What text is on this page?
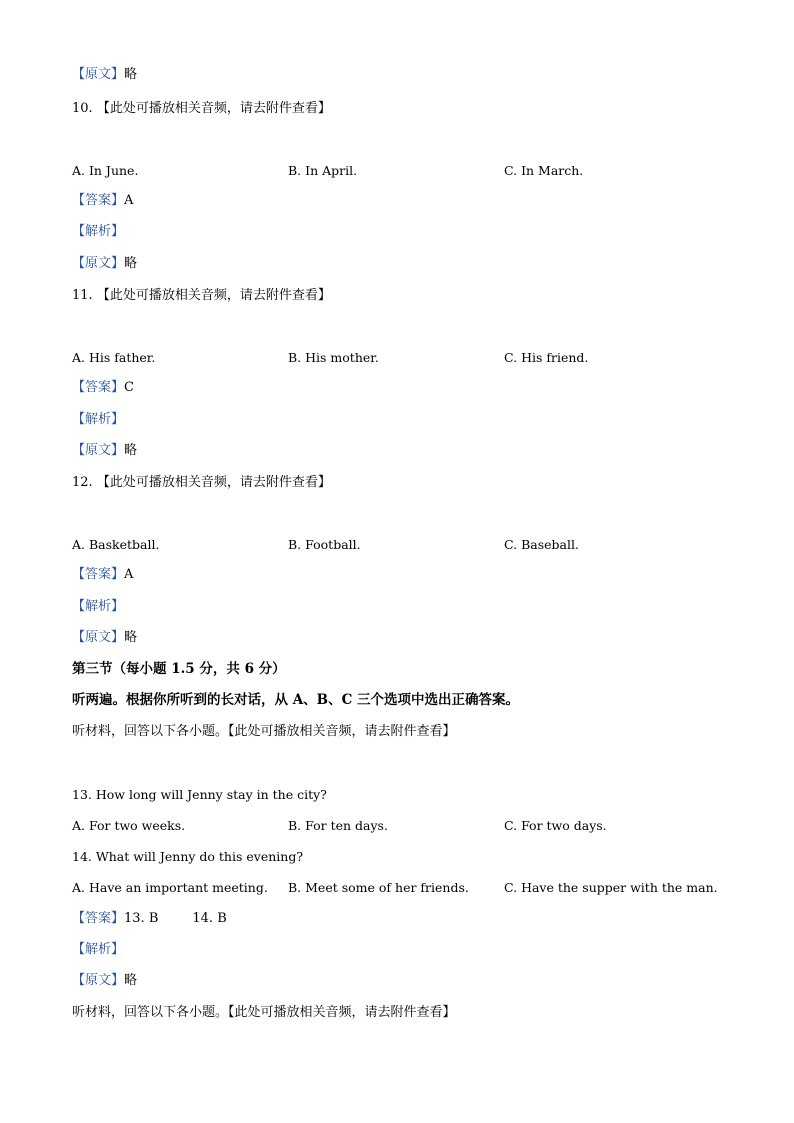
【原文】略
10. 【此处可播放相关音频，请去附件查看】
A. In June.	B. In April.	C. In March.
【答案】A
【解析】
【原文】略
11. 【此处可播放相关音频，请去附件查看】
A. His father.	B. His mother.	C. His friend.
【答案】C
【解析】
【原文】略
12. 【此处可播放相关音频，请去附件查看】
A. Basketball.	B. Football.	C. Baseball.
【答案】A
【解析】
【原文】略
第三节（每小题 1.5 分，共 6 分）
听两遍。根据你所听到的长对话，从 A、B、C 三个选项中选出正确答案。
听材料，回答以下各小题。【此处可播放相关音频，请去附件查看】
13. How long will Jenny stay in the city?
A. For two weeks.	B. For ten days.	C. For two days.
14. What will Jenny do this evening?
A. Have an important meeting. B. Meet some of her friends.	C. Have the supper with the man.
【答案】13. B	14. B
【解析】
【原文】略
听材料，回答以下各小题。【此处可播放相关音频，请去附件查看】
